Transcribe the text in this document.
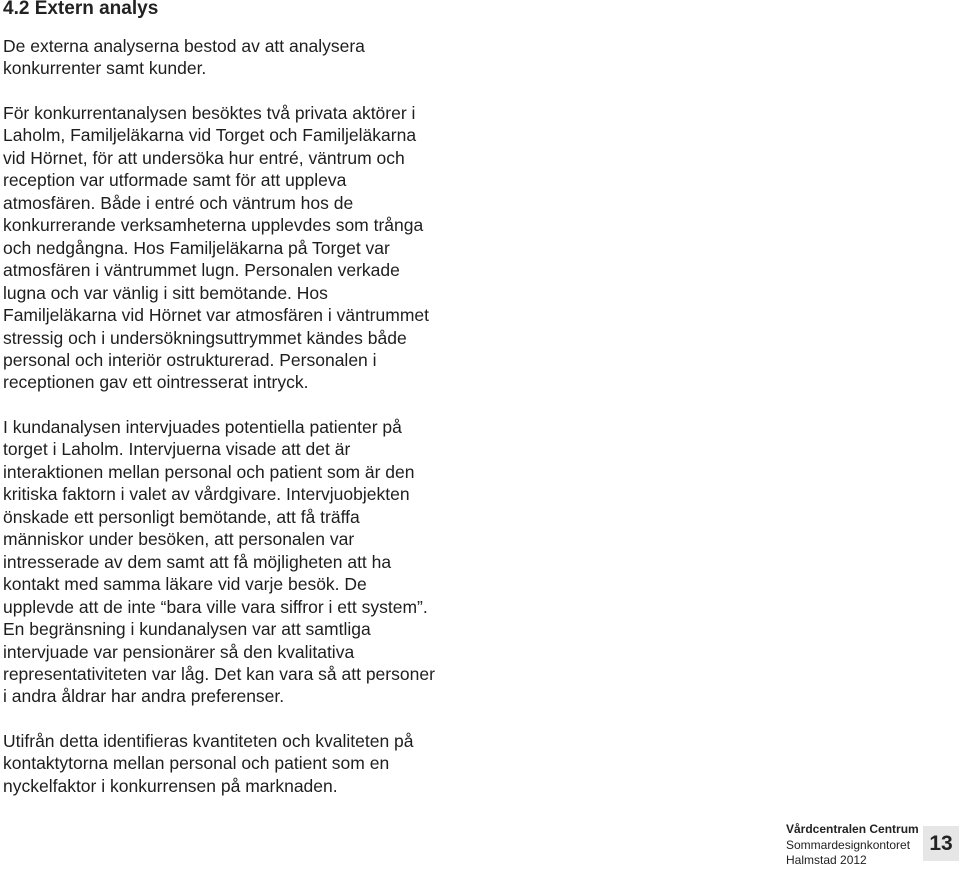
4.2 Extern analys
De externa analyserna bestod av att analysera
konkurrenter samt kunder.
För konkurrentanalysen besöktes två privata aktörer i
Laholm, Familjeläkarna vid Torget och Familjeläkarna
vid Hörnet, för att undersöka hur entré, väntrum och
reception var utformade samt för att uppleva
atmosfären. Både i entré och väntrum hos de
konkurrerande verksamheterna upplevdes som trånga
och nedgångna. Hos Familjeläkarna på Torget var
atmosfären i väntrummet lugn. Personalen verkade
lugna och var vänlig i sitt bemötande. Hos
Familjeläkarna vid Hörnet var atmosfären i väntrummet
stressig och i undersökningsuttrymmet kändes både
personal och interiör ostrukturerad. Personalen i
receptionen gav ett ointresserat intryck.
I kundanalysen intervjuades potentiella patienter på
torget i Laholm. Intervjuerna visade att det är
interaktionen mellan personal och patient som är den
kritiska faktorn i valet av vårdgivare. Intervjuobjekten
önskade ett personligt bemötande, att få träffa
människor under besöken, att personalen var
intresserade av dem samt att få möjligheten att ha
kontakt med samma läkare vid varje besök. De
upplevde att de inte “bara ville vara siffror i ett system”.
En begränsning i kundanalysen var att samtliga
intervjuade var pensionärer så den kvalitativa
representativiteten var låg. Det kan vara så att personer
i andra åldrar har andra preferenser.
Utifrån detta identifieras kvantiteten och kvaliteten på
kontaktytorna mellan personal och patient som en
nyckelfaktor i konkurrensen på marknaden.
Vårdcentralen Centrum
Sommardesignkontoret
Halmstad 2012
13
